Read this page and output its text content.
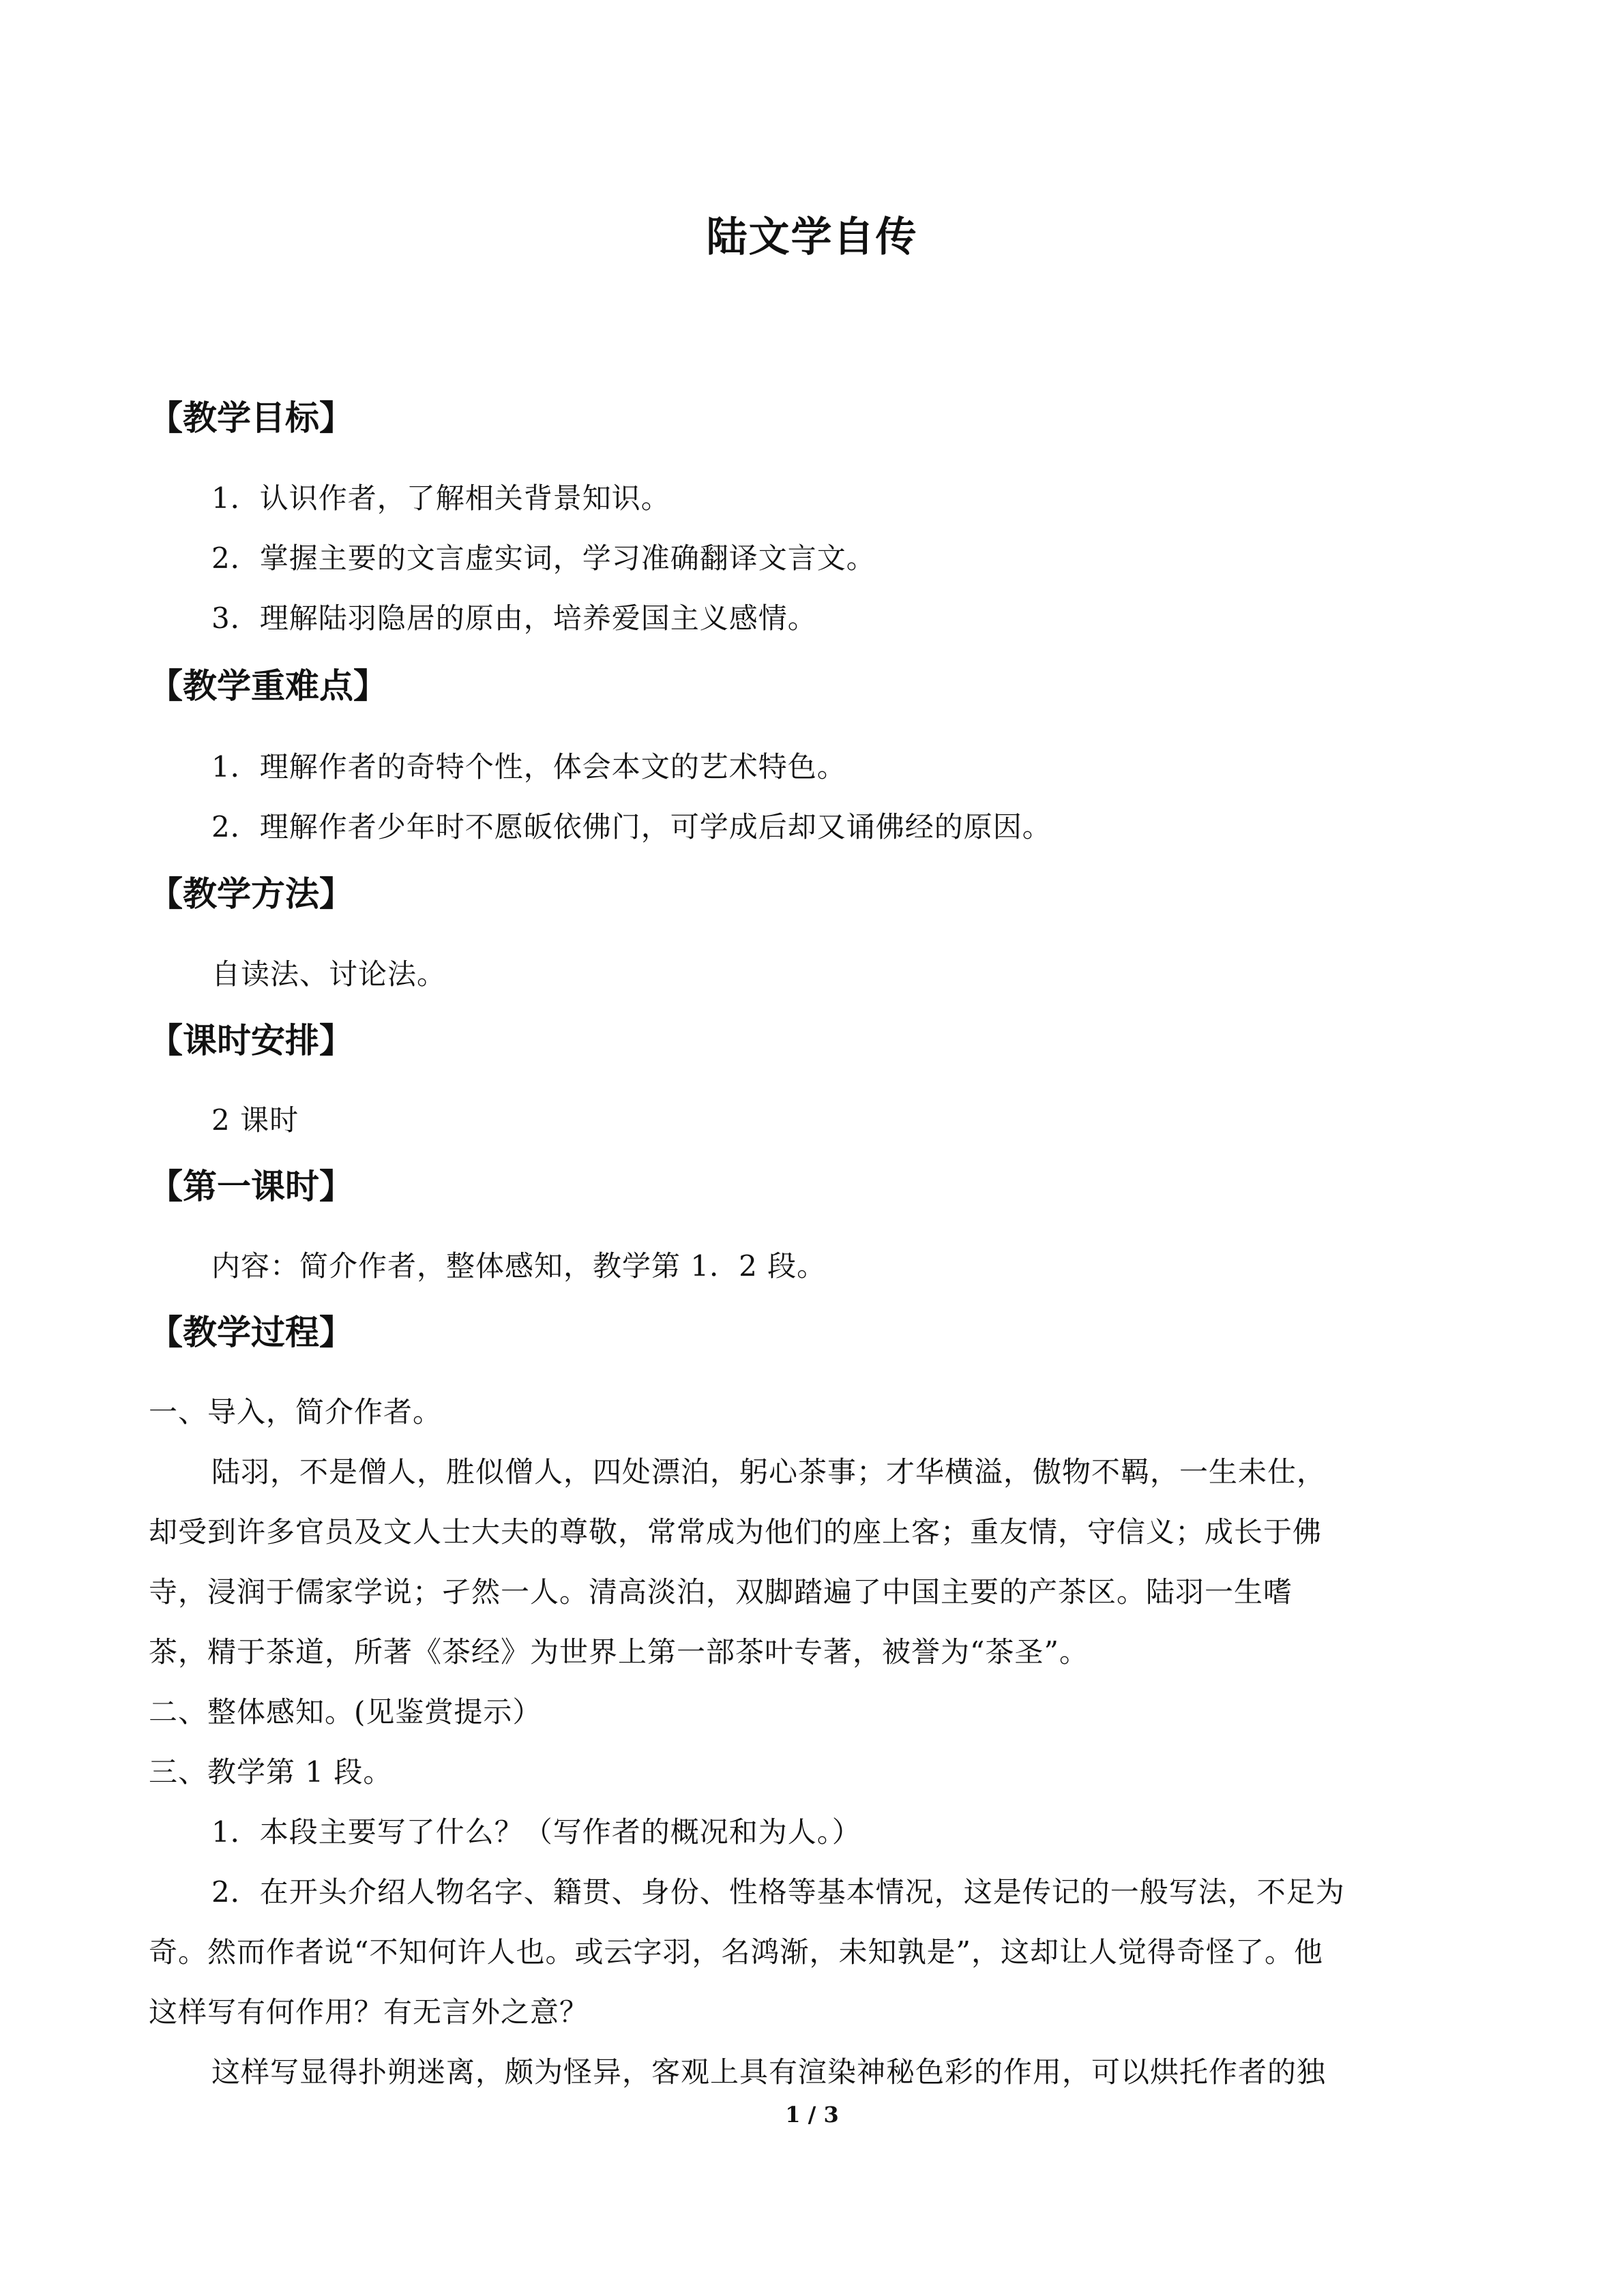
陆文学自传
【教学目标】
1．认识作者，了解相关背景知识。
2．掌握主要的文言虚实词，学习准确翻译文言文。
3．理解陆羽隐居的原由，培养爱国主义感情。
【教学重难点】
1．理解作者的奇特个性，体会本文的艺术特色。
2．理解作者少年时不愿皈依佛门，可学成后却又诵佛经的原因。
【教学方法】
自读法、讨论法。
【课时安排】
2 课时
【第一课时】
内容：简介作者，整体感知，教学第 1．2 段。
【教学过程】
一、导入，简介作者。
陆羽，不是僧人，胜似僧人，四处漂泊，躬心茶事；才华横溢，傲物不羁，一生未仕，
却受到许多官员及文人士大夫的尊敬，常常成为他们的座上客；重友情，守信义；成长于佛
寺，浸润于儒家学说；孑然一人。清高淡泊，双脚踏遍了中国主要的产茶区。陆羽一生嗜
茶，精于茶道，所著《茶经》为世界上第一部茶叶专著，被誉为“茶圣”。
二、整体感知。(见鉴赏提示）
三、教学第 1 段。
1．本段主要写了什么？（写作者的概况和为人。）
2．在开头介绍人物名字、籍贯、身份、性格等基本情况，这是传记的一般写法，不足为
奇。然而作者说“不知何许人也。或云字羽，名鸿渐，未知孰是”，这却让人觉得奇怪了。他
这样写有何作用？有无言外之意？
这样写显得扑朔迷离，颇为怪异，客观上具有渲染神秘色彩的作用，可以烘托作者的独
1 / 3
